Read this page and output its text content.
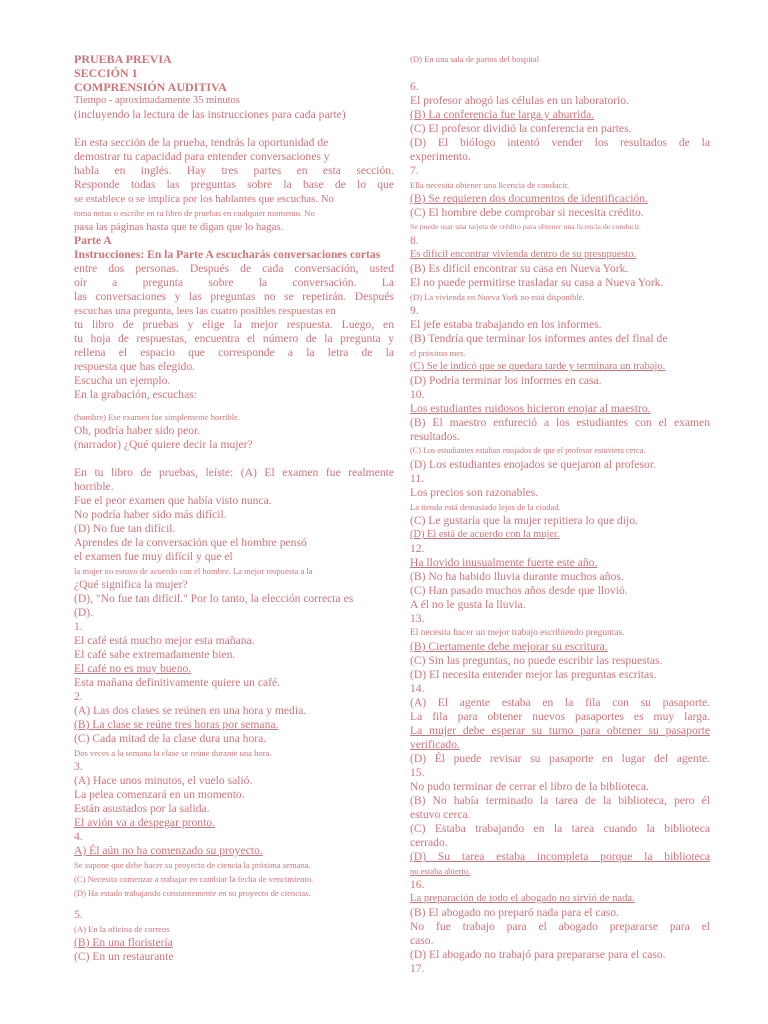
PRUEBA PREVIA
SECCIÓN 1
COMPRENSIÓN AUDITIVA
Tiempo - aproximadamente 35 minutos
(incluyendo la lectura de las instrucciones para cada parte)
En esta sección de la prueba, tendrás la oportunidad de
demostrar tu capacidad para entender conversaciones y
habla en inglés. Hay tres partes en esta sección.
Responde todas las preguntas sobre la base de lo que
se establece o se implica por los hablantes que escuchas. No
toma notas o escribe en tu libro de pruebas en cualquier momento. No
pasa las páginas hasta que te digan que lo hagas.
Parte A
Instrucciones: En la Parte A escucharás conversaciones cortas
entre dos personas. Después de cada conversación, usted
oír a pregunta sobre la conversación. La
las conversaciones y las preguntas no se repetirán. Después
escuchas una pregunta, lees las cuatro posibles respuestas en
tu libro de pruebas y elige la mejor respuesta. Luego, en
tu hoja de respuestas, encuentra el número de la pregunta y
rellena el espacio que corresponde a la letra de la
respuesta que has elegido.
Escucha un ejemplo.
En la grabación, escuchas:
(hombre) Ese examen fue simplemente horrible.
Oh, podría haber sido peor.
(narrador) ¿Qué quiere decir la mujer?
En tu libro de pruebas, leíste: (A) El examen fue realmente
horrible.
Fue el peor examen que había visto nunca.
No podría haber sido más difícil.
(D) No fue tan difícil.
Aprendes de la conversación que el hombre pensó
el examen fue muy difícil y que el
la mujer no estuvo de acuerdo con el hombre. La mejor respuesta a la
¿Qué significa la mujer?
(D), "No fue tan difícil." Por lo tanto, la elección correcta es
(D).
1.
El café está mucho mejor esta mañana.
El café sabe extremadamente bien.
El café no es muy bueno.
Esta mañana definitivamente quiere un café.
2.
(A) Las dos clases se reúnen en una hora y media.
(B) La clase se reúne tres horas por semana.
(C) Cada mitad de la clase dura una hora.
Dos veces a la semana la clase se reúne durante una hora.
3.
(A) Hace unos minutos, el vuelo salió.
La pelea comenzará en un momento.
Están asustados por la salida.
El avión va a despegar pronto.
4.
A) Él aún no ha comenzado su proyecto.
Se supone que debe hacer su proyecto de ciencia la próxima semana.
(C) Necesita comenzar a trabajar en cambiar la fecha de vencimiento.
(D) Ha estado trabajando constantemente en su proyecto de ciencias.
5.
(A) En la oficina de correos
(B) En una floristería
(C) En un restaurante
(D) En una sala de partos del hospital
6.
El profesor ahogó las células en un laboratorio.
(B) La conferencia fue larga y aburrida.
(C) El profesor dividió la conferencia en partes.
(D) El biólogo intentó vender los resultados de la
experimento.
7.
Ella necesita obtener una licencia de conducir.
(B) Se requieren dos documentos de identificación.
(C) El hombre debe comprobar si necesita crédito.
Se puede usar una tarjeta de crédito para obtener una licencia de conducir.
8.
Es difícil encontrar vivienda dentro de su presupuesto.
(B) Es difícil encontrar su casa en Nueva York.
El no puede permitirse trasladar su casa a Nueva York.
(D) La vivienda en Nueva York no está disponible.
9.
El jefe estaba trabajando en los informes.
(B) Tendría que terminar los informes antes del final de
el próximo mes.
(C) Se le indicó que se quedara tarde y terminara un trabajo.
(D) Podría terminar los informes en casa.
10.
Los estudiantes ruidosos hicieron enojar al maestro.
(B) El maestro enfureció a los estudiantes con el examen
resultados.
(C) Los estudiantes estaban enojados de que el profesor estuviera cerca.
(D) Los estudiantes enojados se quejaron al profesor.
11.
Los precios son razonables.
La tienda está demasiado lejos de la ciudad.
(C) Le gustaría que la mujer repitiera lo que dijo.
(D) El está de acuerdo con la mujer.
12.
Ha llovido inusualmente fuerte este año.
(B) No ha habido lluvia durante muchos años.
(C) Han pasado muchos años desde que llovió.
A él no le gusta la lluvia.
13.
El necesita hacer un mejor trabajo escribiendo preguntas.
(B) Ciertamente debe mejorar su escritura.
(C) Sin las preguntas, no puede escribir las respuestas.
(D) El necesita entender mejor las preguntas escritas.
14.
(A) El agente estaba en la fila con su pasaporte.
La fila para obtener nuevos pasaportes es muy larga.
La mujer debe esperar su turno para obtener su pasaporte
verificado.
(D) Él puede revisar su pasaporte en lugar del agente.
15.
No pudo terminar de cerrar el libro de la biblioteca.
(B) No había terminado la tarea de la biblioteca, pero él
estuvo cerca.
(C) Estaba trabajando en la tarea cuando la biblioteca
cerrado.
(D) Su tarea estaba incompleta porque la biblioteca
no estaba abierto.
16.
La preparación de todo el abogado no sirvió de nada.
(B) El abogado no preparó nada para el caso.
No fue trabajo para el abogado prepararse para el
caso.
(D) El abogado no trabajó para prepararse para el caso.
17.
